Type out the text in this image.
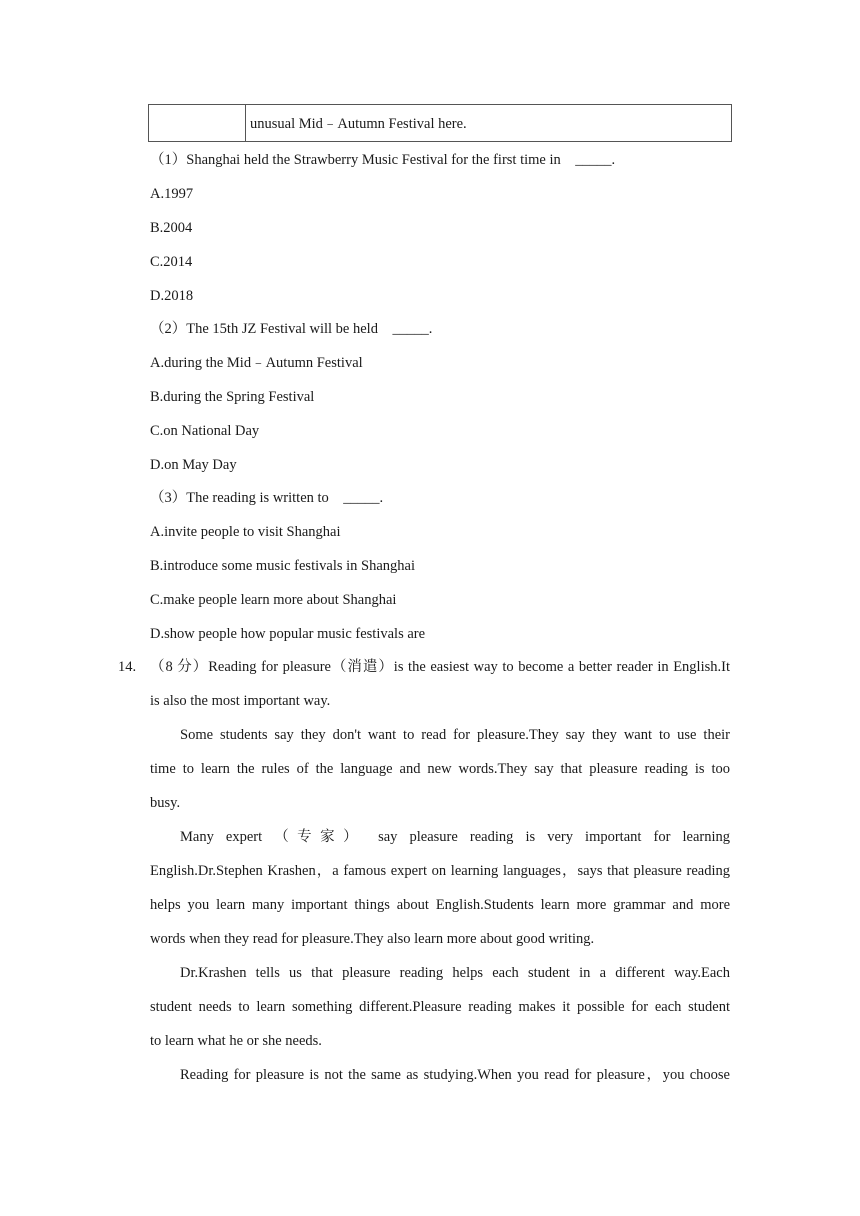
unusual Mid﹣Autumn Festival here.
（1）Shanghai held the Strawberry Music Festival for the first time in　_____.
A.1997
B.2004
C.2014
D.2018
（2）The 15th JZ Festival will be held　_____.
A.during the Mid﹣Autumn Festival
B.during the Spring Festival
C.on National Day
D.on May Day
（3）The reading is written to　_____.
A.invite people to visit Shanghai
B.introduce some music festivals in Shanghai
C.make people learn more about Shanghai
D.show people how popular music festivals are
14. （8 分）Reading for pleasure（消遣）is the easiest way to become a better reader in English.It
is also the most important way.
Some students say they don't want to read for pleasure.They say they want to use their
time to learn the rules of the language and new words.They say that pleasure reading is too
busy.
Many expert （专家） say pleasure reading is very important for learning
English.Dr.Stephen Krashen，a famous expert on learning languages，says that pleasure reading
helps you learn many important things about English.Students learn more grammar and more
words when they read for pleasure.They also learn more about good writing.
Dr.Krashen tells us that pleasure reading helps each student in a different way.Each
student needs to learn something different.Pleasure reading makes it possible for each student
to learn what he or she needs.
Reading for pleasure is not the same as studying.When you read for pleasure，you choose
